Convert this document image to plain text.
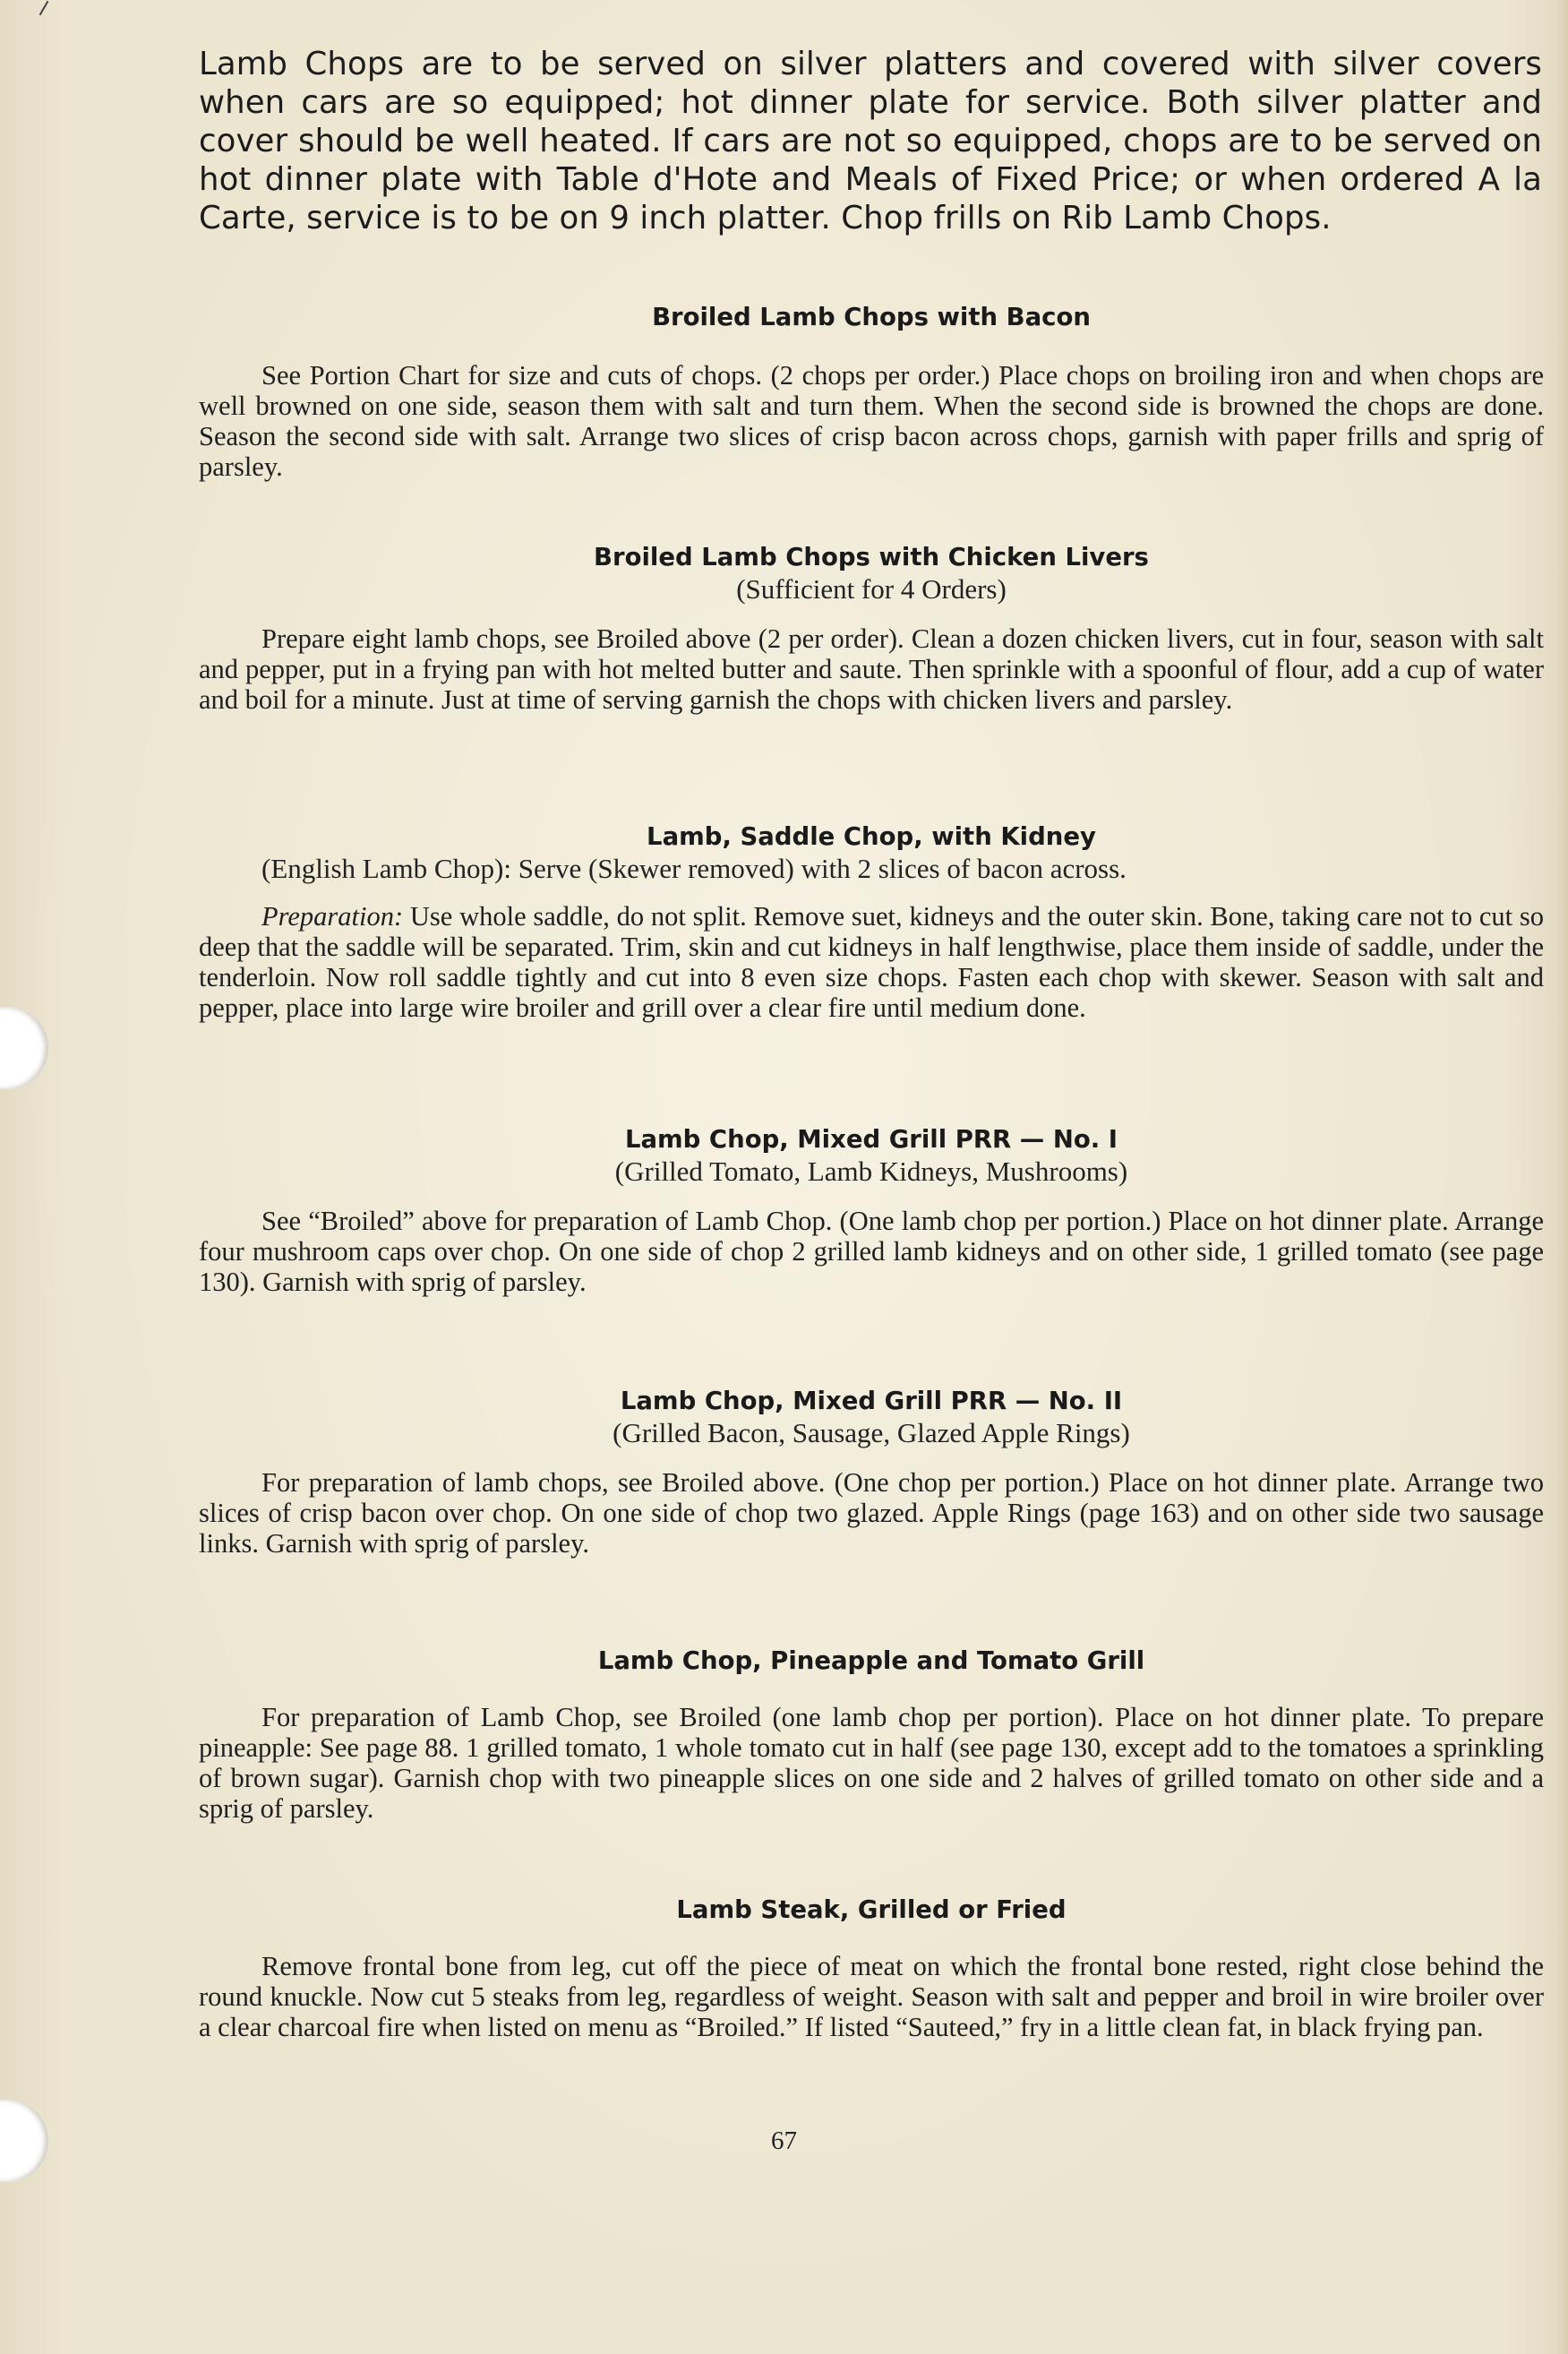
Lamb Chops are to be served on silver platters and covered with silver covers when cars are so equipped; hot dinner plate for service. Both silver platter and cover should be well heated. If cars are not so equipped, chops are to be served on hot dinner plate with Table d'Hote and Meals of Fixed Price; or when ordered A la Carte, service is to be on 9 inch platter. Chop frills on Rib Lamb Chops.

Broiled Lamb Chops with Bacon
See Portion Chart for size and cuts of chops. (2 chops per order.) Place chops on broiling iron and when chops are well browned on one side, season them with salt and turn them. When the second side is browned the chops are done. Season the second side with salt. Arrange two slices of crisp bacon across chops, garnish with paper frills and sprig of parsley.
Broiled Lamb Chops with Chicken Livers
(Sufficient for 4 Orders)
Prepare eight lamb chops, see Broiled above (2 per order). Clean a dozen chicken livers, cut in four, season with salt and pepper, put in a frying pan with hot melted butter and saute. Then sprinkle with a spoonful of flour, add a cup of water and boil for a minute. Just at time of serving garnish the chops with chicken livers and parsley.
Lamb, Saddle Chop, with Kidney
(English Lamb Chop): Serve (Skewer removed) with 2 slices of bacon across.
Preparation: Use whole saddle, do not split. Remove suet, kidneys and the outer skin. Bone, taking care not to cut so deep that the saddle will be separated. Trim, skin and cut kidneys in half lengthwise, place them inside of saddle, under the tenderloin. Now roll saddle tightly and cut into 8 even size chops. Fasten each chop with skewer. Season with salt and pepper, place into large wire broiler and grill over a clear fire until medium done.
Lamb Chop, Mixed Grill PRR — No. I
(Grilled Tomato, Lamb Kidneys, Mushrooms)
See “Broiled” above for preparation of Lamb Chop. (One lamb chop per portion.) Place on hot dinner plate. Arrange four mushroom caps over chop. On one side of chop 2 grilled lamb kidneys and on other side, 1 grilled tomato (see page 130). Garnish with sprig of parsley.
Lamb Chop, Mixed Grill PRR — No. II
(Grilled Bacon, Sausage, Glazed Apple Rings)
For preparation of lamb chops, see Broiled above. (One chop per portion.) Place on hot dinner plate. Arrange two slices of crisp bacon over chop. On one side of chop two glazed. Apple Rings (page 163) and on other side two sausage links. Garnish with sprig of parsley.
Lamb Chop, Pineapple and Tomato Grill
For preparation of Lamb Chop, see Broiled (one lamb chop per portion). Place on hot dinner plate. To prepare pineapple: See page 88. 1 grilled tomato, 1 whole tomato cut in half (see page 130, except add to the tomatoes a sprinkling of brown sugar). Garnish chop with two pineapple slices on one side and 2 halves of grilled tomato on other side and a sprig of parsley.
Lamb Steak, Grilled or Fried
Remove frontal bone from leg, cut off the piece of meat on which the frontal bone rested, right close behind the round knuckle. Now cut 5 steaks from leg, regardless of weight. Season with salt and pepper and broil in wire broiler over a clear charcoal fire when listed on menu as “Broiled.” If listed “Sauteed,” fry in a little clean fat, in black frying pan.
67
